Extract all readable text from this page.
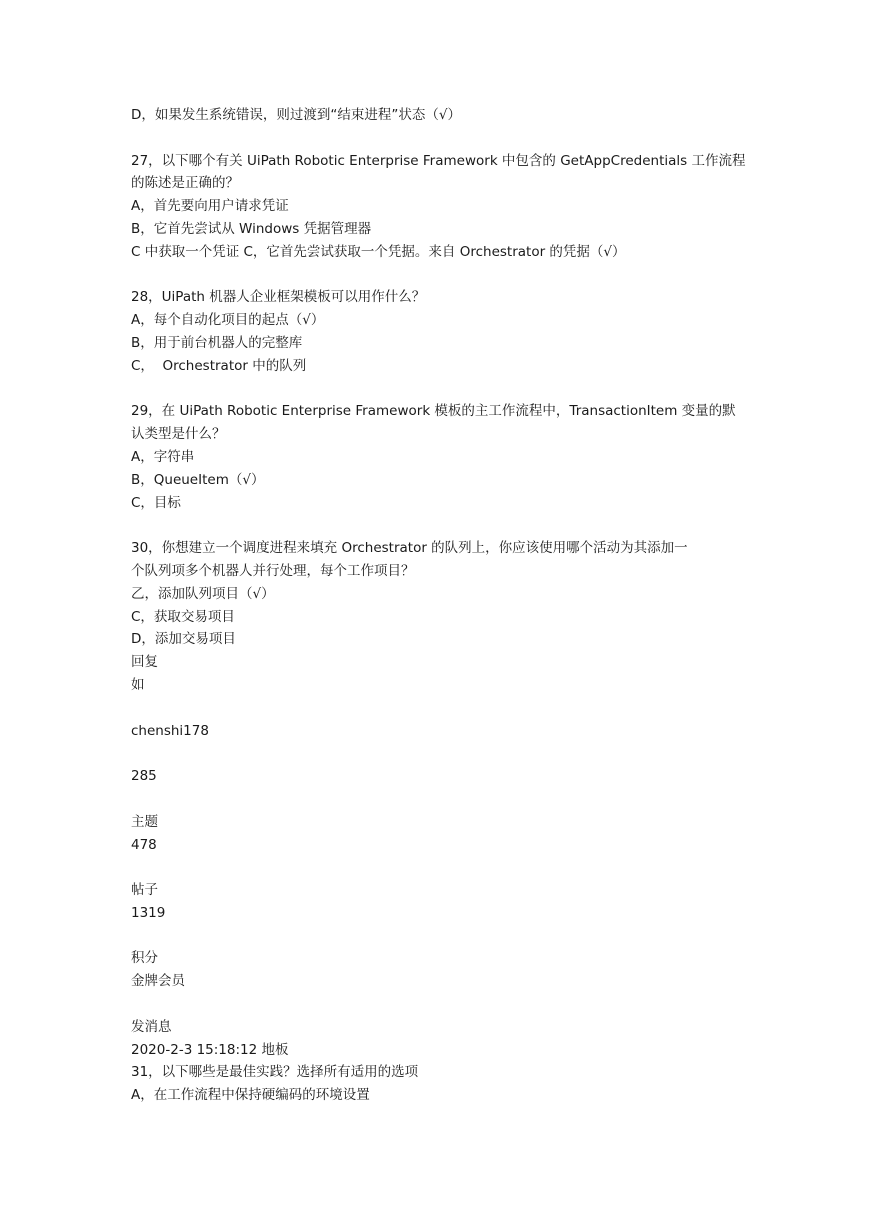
D，如果发生系统错误，则过渡到“结束进程”状态（√）
27，以下哪个有关 UiPath Robotic Enterprise Framework 中包含的 GetAppCredentials 工作流程
的陈述是正确的？
A，首先要向用户请求凭证
B，它首先尝试从 Windows 凭据管理器
C 中获取一个凭证 C，它首先尝试获取一个凭据。来自 Orchestrator 的凭据（√）
28，UiPath 机器人企业框架模板可以用作什么？
A，每个自动化项目的起点（√）
B，用于前台机器人的完整库
C，  Orchestrator 中的队列
29，在 UiPath Robotic Enterprise Framework 模板的主工作流程中，TransactionItem 变量的默
认类型是什么？
A，字符串
B，QueueItem（√）
C，目标
30，你想建立一个调度进程来填充 Orchestrator 的队列上，你应该使用哪个活动为其添加一
个队列项多个机器人并行处理，每个工作项目？
乙，添加队列项目（√）
C，获取交易项目
D，添加交易项目
回复
如
chenshi178
285
主题
478
帖子
1319
积分
金牌会员
发消息
2020-2-3 15:18:12 地板
31，以下哪些是最佳实践？选择所有适用的选项
A，在工作流程中保持硬编码的环境设置
